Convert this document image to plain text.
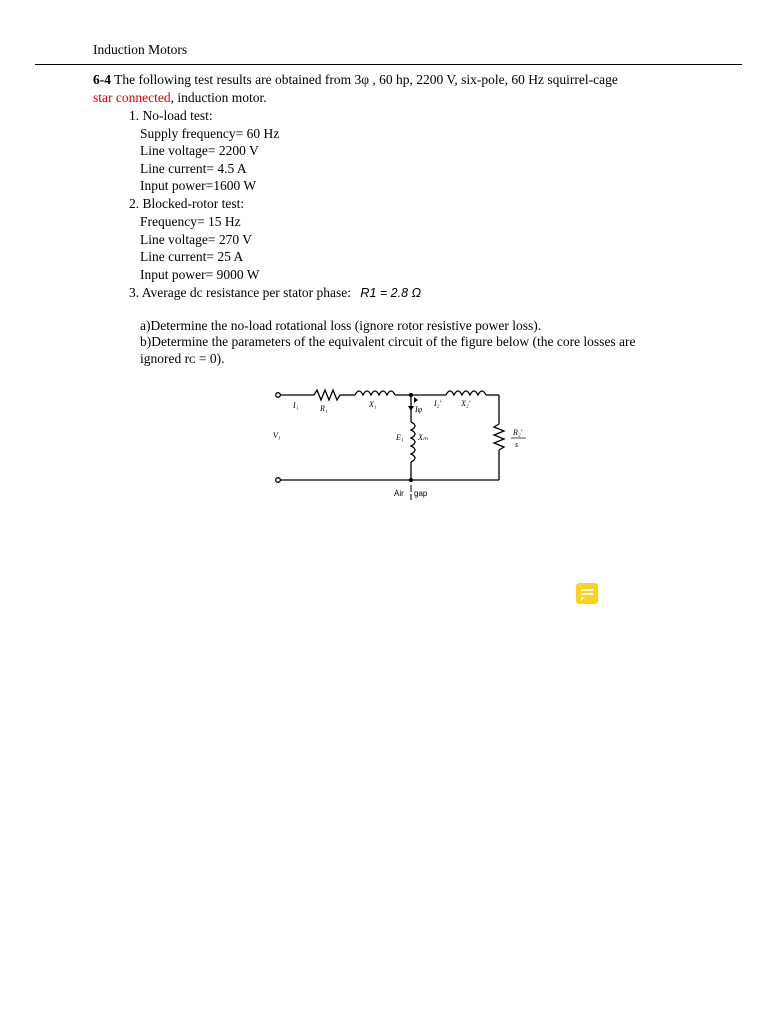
Induction Motors
6-4 The following test results are obtained from 3φ , 60 hp, 2200 V, six-pole, 60 Hz squirrel-cage
star connected, induction motor.
1. No-load test:
Supply frequency= 60 Hz
Line voltage= 2200 V
Line current= 4.5 A
Input power=1600 W
2. Blocked-rotor test:
Frequency= 15 Hz
Line voltage= 270 V
Line current= 25 A
Input power= 9000 W
3. Average dc resistance per stator phase: R1 = 2.8 Ω
a)Determine the no-load rotational loss (ignore rotor resistive power loss).
b)Determine the parameters of the equivalent circuit of the figure below (the core losses are
ignored rᴄ = 0).
I₁	R₁	X₁
Iφ
I₂' X₂'
V₁	E₁ Xₘ
R₂'
s
Air gap
